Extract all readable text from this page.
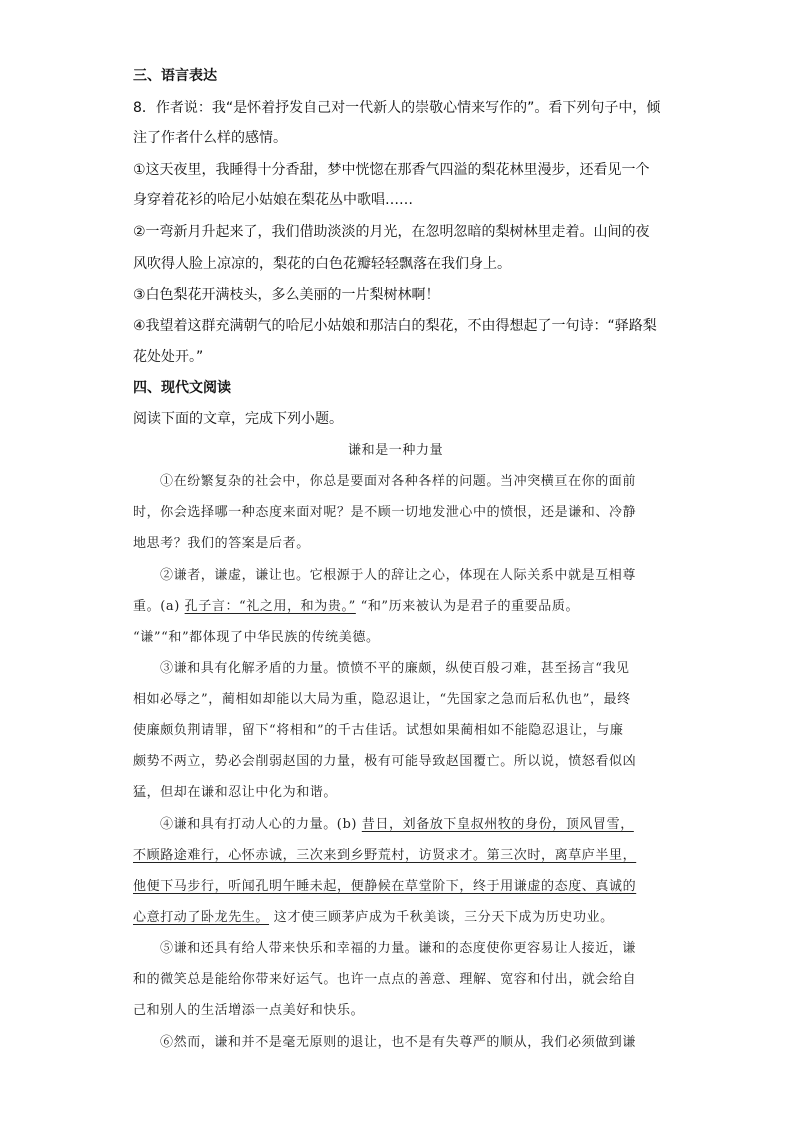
三、语言表达
8．作者说：我“是怀着抒发自己对一代新人的崇敬心情来写作的”。看下列句子中，倾
注了作者什么样的感情。
①这天夜里，我睡得十分香甜，梦中恍惚在那香气四溢的梨花林里漫步，还看见一个
身穿着花衫的哈尼小姑娘在梨花丛中歌唱……
②一弯新月升起来了，我们借助淡淡的月光，在忽明忽暗的梨树林里走着。山间的夜
风吹得人脸上凉凉的，梨花的白色花瓣轻轻飘落在我们身上。
③白色梨花开满枝头，多么美丽的一片梨树林啊！
④我望着这群充满朝气的哈尼小姑娘和那洁白的梨花，不由得想起了一句诗：“驿路梨
花处处开。”
四、现代文阅读
阅读下面的文章，完成下列小题。
谦和是一种力量
①在纷繁复杂的社会中，你总是要面对各种各样的问题。当冲突横亘在你的面前
时，你会选择哪一种态度来面对呢？是不顾一切地发泄心中的愤恨，还是谦和、冷静
地思考？我们的答案是后者。
②谦者，谦虚，谦让也。它根源于人的辞让之心，体现在人际关系中就是互相尊
重。(a) 孔子言：“礼之用，和为贵。” “和”历来被认为是君子的重要品质。
“谦”“和”都体现了中华民族的传统美德。
③谦和具有化解矛盾的力量。愤愤不平的廉颇，纵使百般刁难，甚至扬言“我见
相如必辱之”，蔺相如却能以大局为重，隐忍退让，“先国家之急而后私仇也”，最终
使廉颇负荆请罪，留下“将相和”的千古佳话。试想如果蔺相如不能隐忍退让，与廉
颇势不两立，势必会削弱赵国的力量，极有可能导致赵国覆亡。所以说，愤怒看似凶
猛，但却在谦和忍让中化为和谐。
④谦和具有打动人心的力量。(b) 昔日，刘备放下皇叔州牧的身份，顶风冒雪，
不顾路途难行，心怀赤诚，三次来到乡野荒村，访贤求才。第三次时，离草庐半里，
他便下马步行，听闻孔明午睡未起，便静候在草堂阶下，终于用谦虚的态度、真诚的
心意打动了卧龙先生。 这才使三顾茅庐成为千秋美谈，三分天下成为历史功业。
⑤谦和还具有给人带来快乐和幸福的力量。谦和的态度使你更容易让人接近，谦
和的微笑总是能给你带来好运气。也许一点点的善意、理解、宽容和付出，就会给自
己和别人的生活增添一点美好和快乐。
⑥然而，谦和并不是毫无原则的退让，也不是有失尊严的顺从，我们必须做到谦
